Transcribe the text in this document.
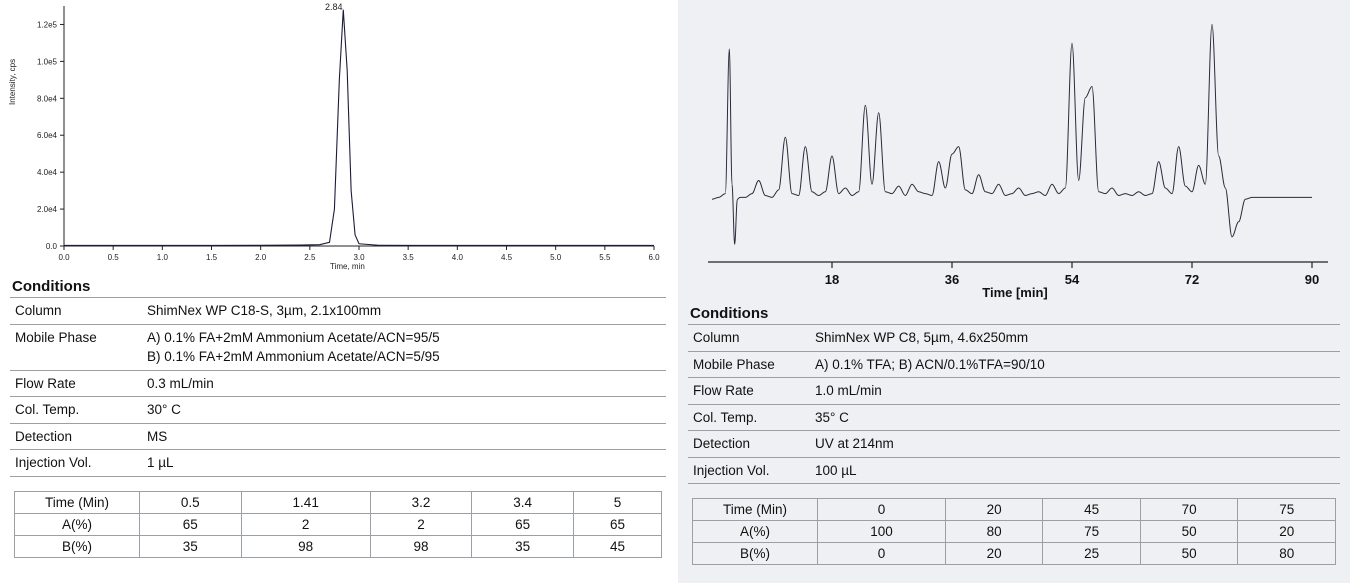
Intensity, cps
2.84
Time, min
0.0
2.0e4
4.0e4
6.0e4
8.0e4
1.0e5
1.2e5
0.0	0.5	1.0	1.5	2.0	2.5	3.0	3.5	4.0	4.5	5.0	5.5	6.0
Conditions
Column	ShimNex WP C18-S, 3µm, 2.1x100mm
Mobile Phase	A) 0.1% FA+2mM Ammonium Acetate/ACN=95/5
B) 0.1% FA+2mM Ammonium Acetate/ACN=5/95

Flow Rate	0.3 mL/min
Col. Temp.	30° C
Detection	MS
Injection Vol.	1 µL
Time (Min)	0.5	1.41	3.2	3.4	5
A(%)	65	2	2	65	65
B(%)	35	98	98	35	45
18	36	54	72	90
Time [min]
Conditions
Column	ShimNex WP C8, 5µm, 4.6x250mm
Mobile Phase	A) 0.1% TFA; B) ACN/0.1%TFA=90/10
Flow Rate	1.0 mL/min
Col. Temp.	35° C
Detection	UV at 214nm
Injection Vol.	100 µL
Time (Min)	0	20	45	70	75
A(%)	100	80	75	50	20
B(%)	0	20	25	50	80
